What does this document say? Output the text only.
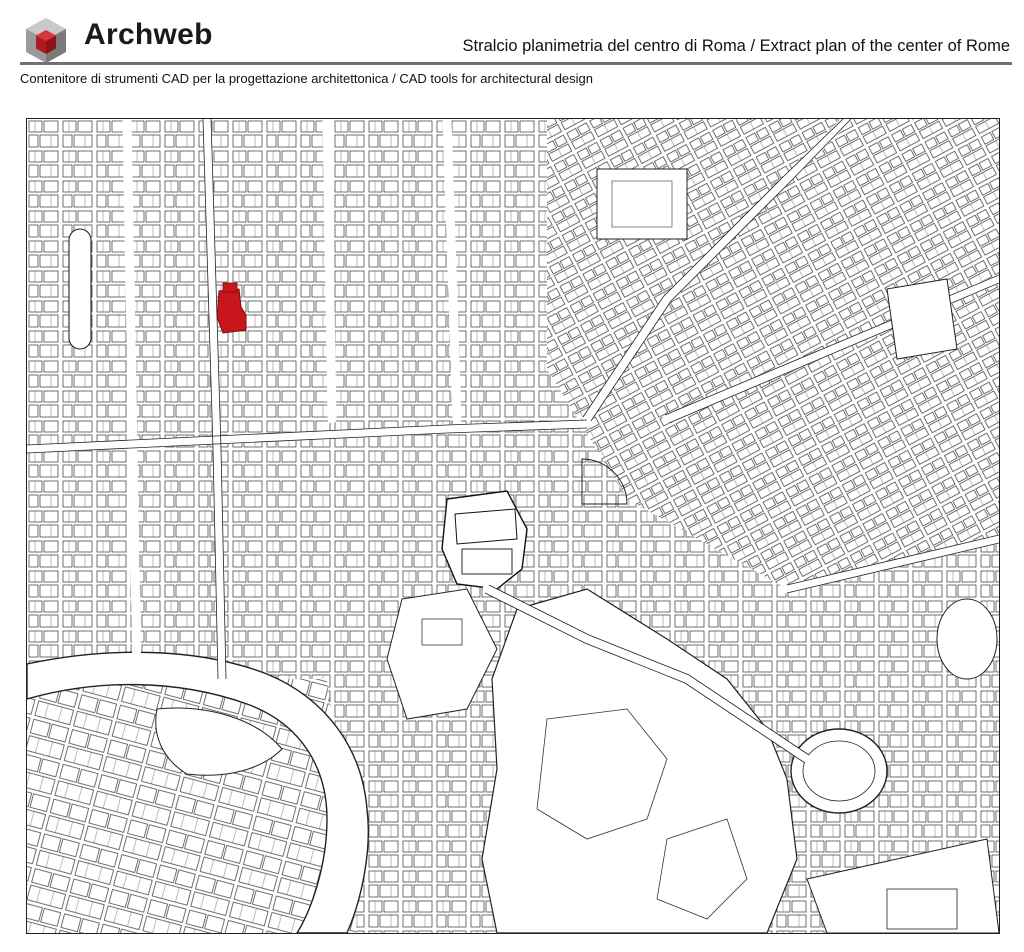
Archweb	Stralcio planimetria del centro di Roma / Extract plan of the center of Rome
Contenitore di strumenti CAD per la progettazione architettonica / CAD tools for architectural design
